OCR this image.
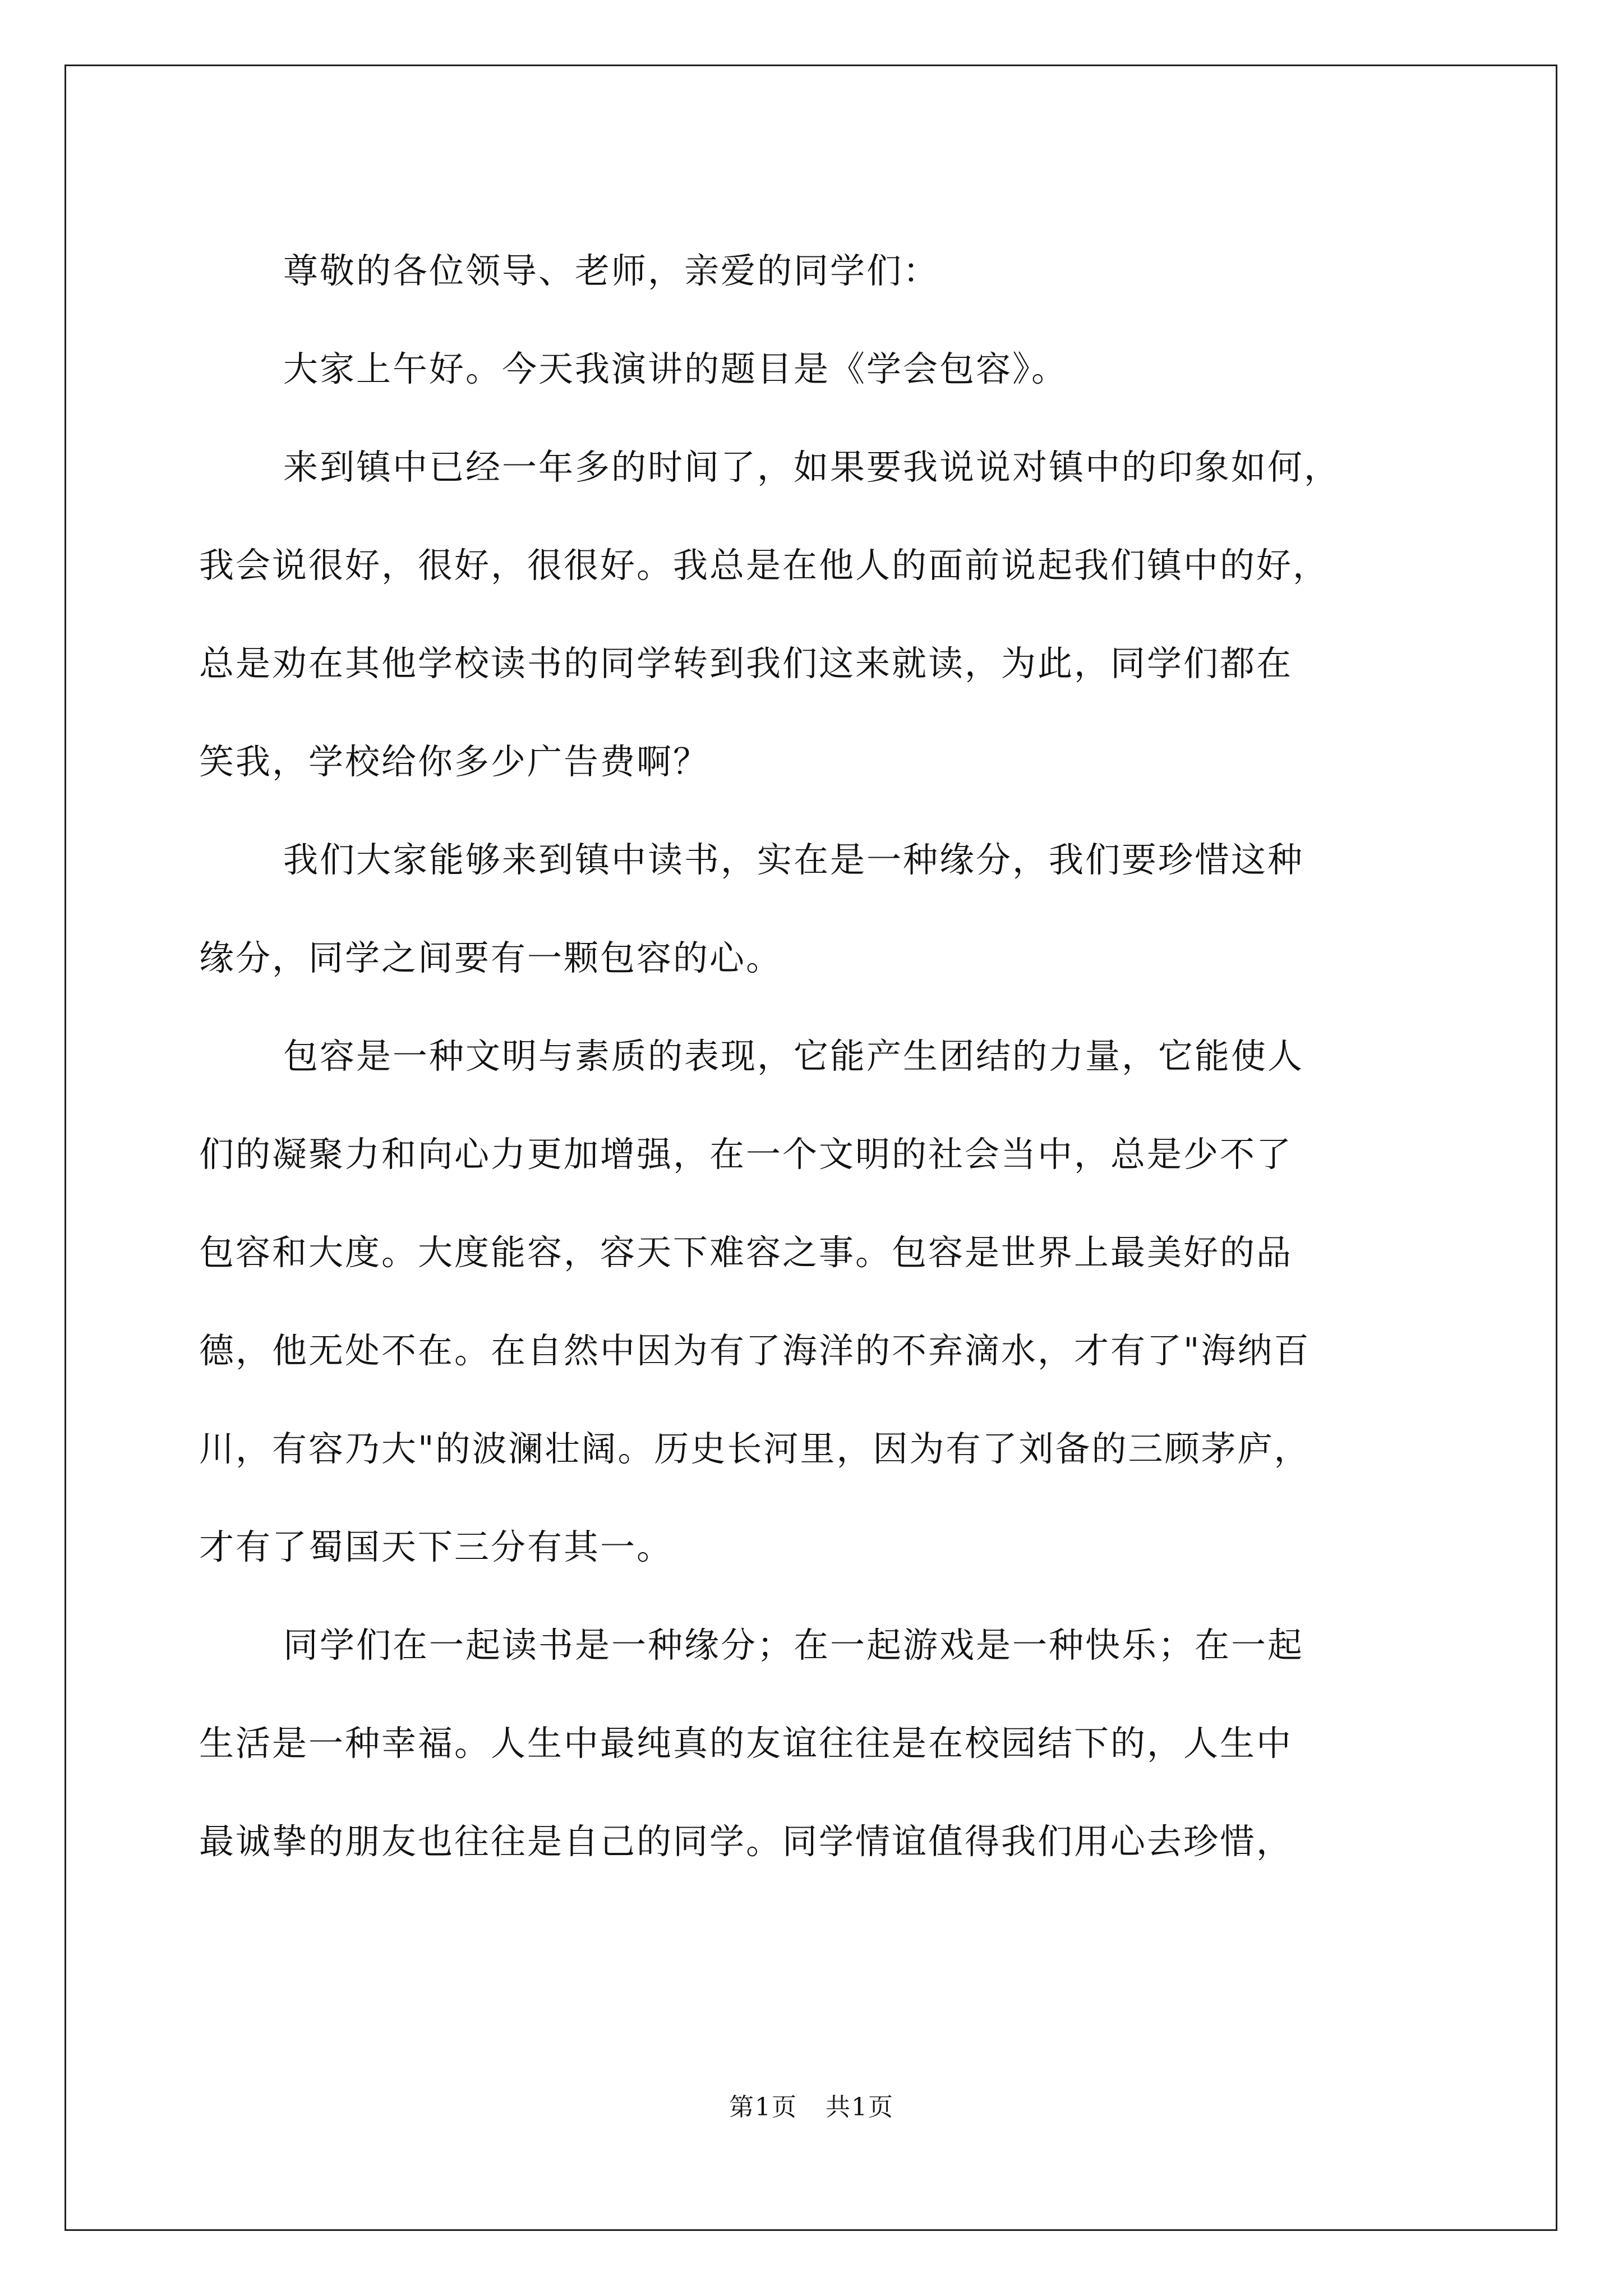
尊敬的各位领导、老师，亲爱的同学们：

大家上午好。今天我演讲的题目是《学会包容》。

来到镇中已经一年多的时间了，如果要我说说对镇中的印象如何，
我会说很好，很好，很很好。我总是在他人的面前说起我们镇中的好，
总是劝在其他学校读书的同学转到我们这来就读，为此，同学们都在
笑我，学校给你多少广告费啊？

我们大家能够来到镇中读书，实在是一种缘分，我们要珍惜这种
缘分，同学之间要有一颗包容的心。

包容是一种文明与素质的表现，它能产生团结的力量，它能使人
们的凝聚力和向心力更加增强，在一个文明的社会当中，总是少不了
包容和大度。大度能容，容天下难容之事。包容是世界上最美好的品
德，他无处不在。在自然中因为有了海洋的不弃滴水，才有了"海纳百
川，有容乃大"的波澜壮阔。历史长河里，因为有了刘备的三顾茅庐，
才有了蜀国天下三分有其一。

同学们在一起读书是一种缘分；在一起游戏是一种快乐；在一起
生活是一种幸福。人生中最纯真的友谊往往是在校园结下的，人生中
最诚挚的朋友也往往是自己的同学。同学情谊值得我们用心去珍惜，

第1页 共1页
